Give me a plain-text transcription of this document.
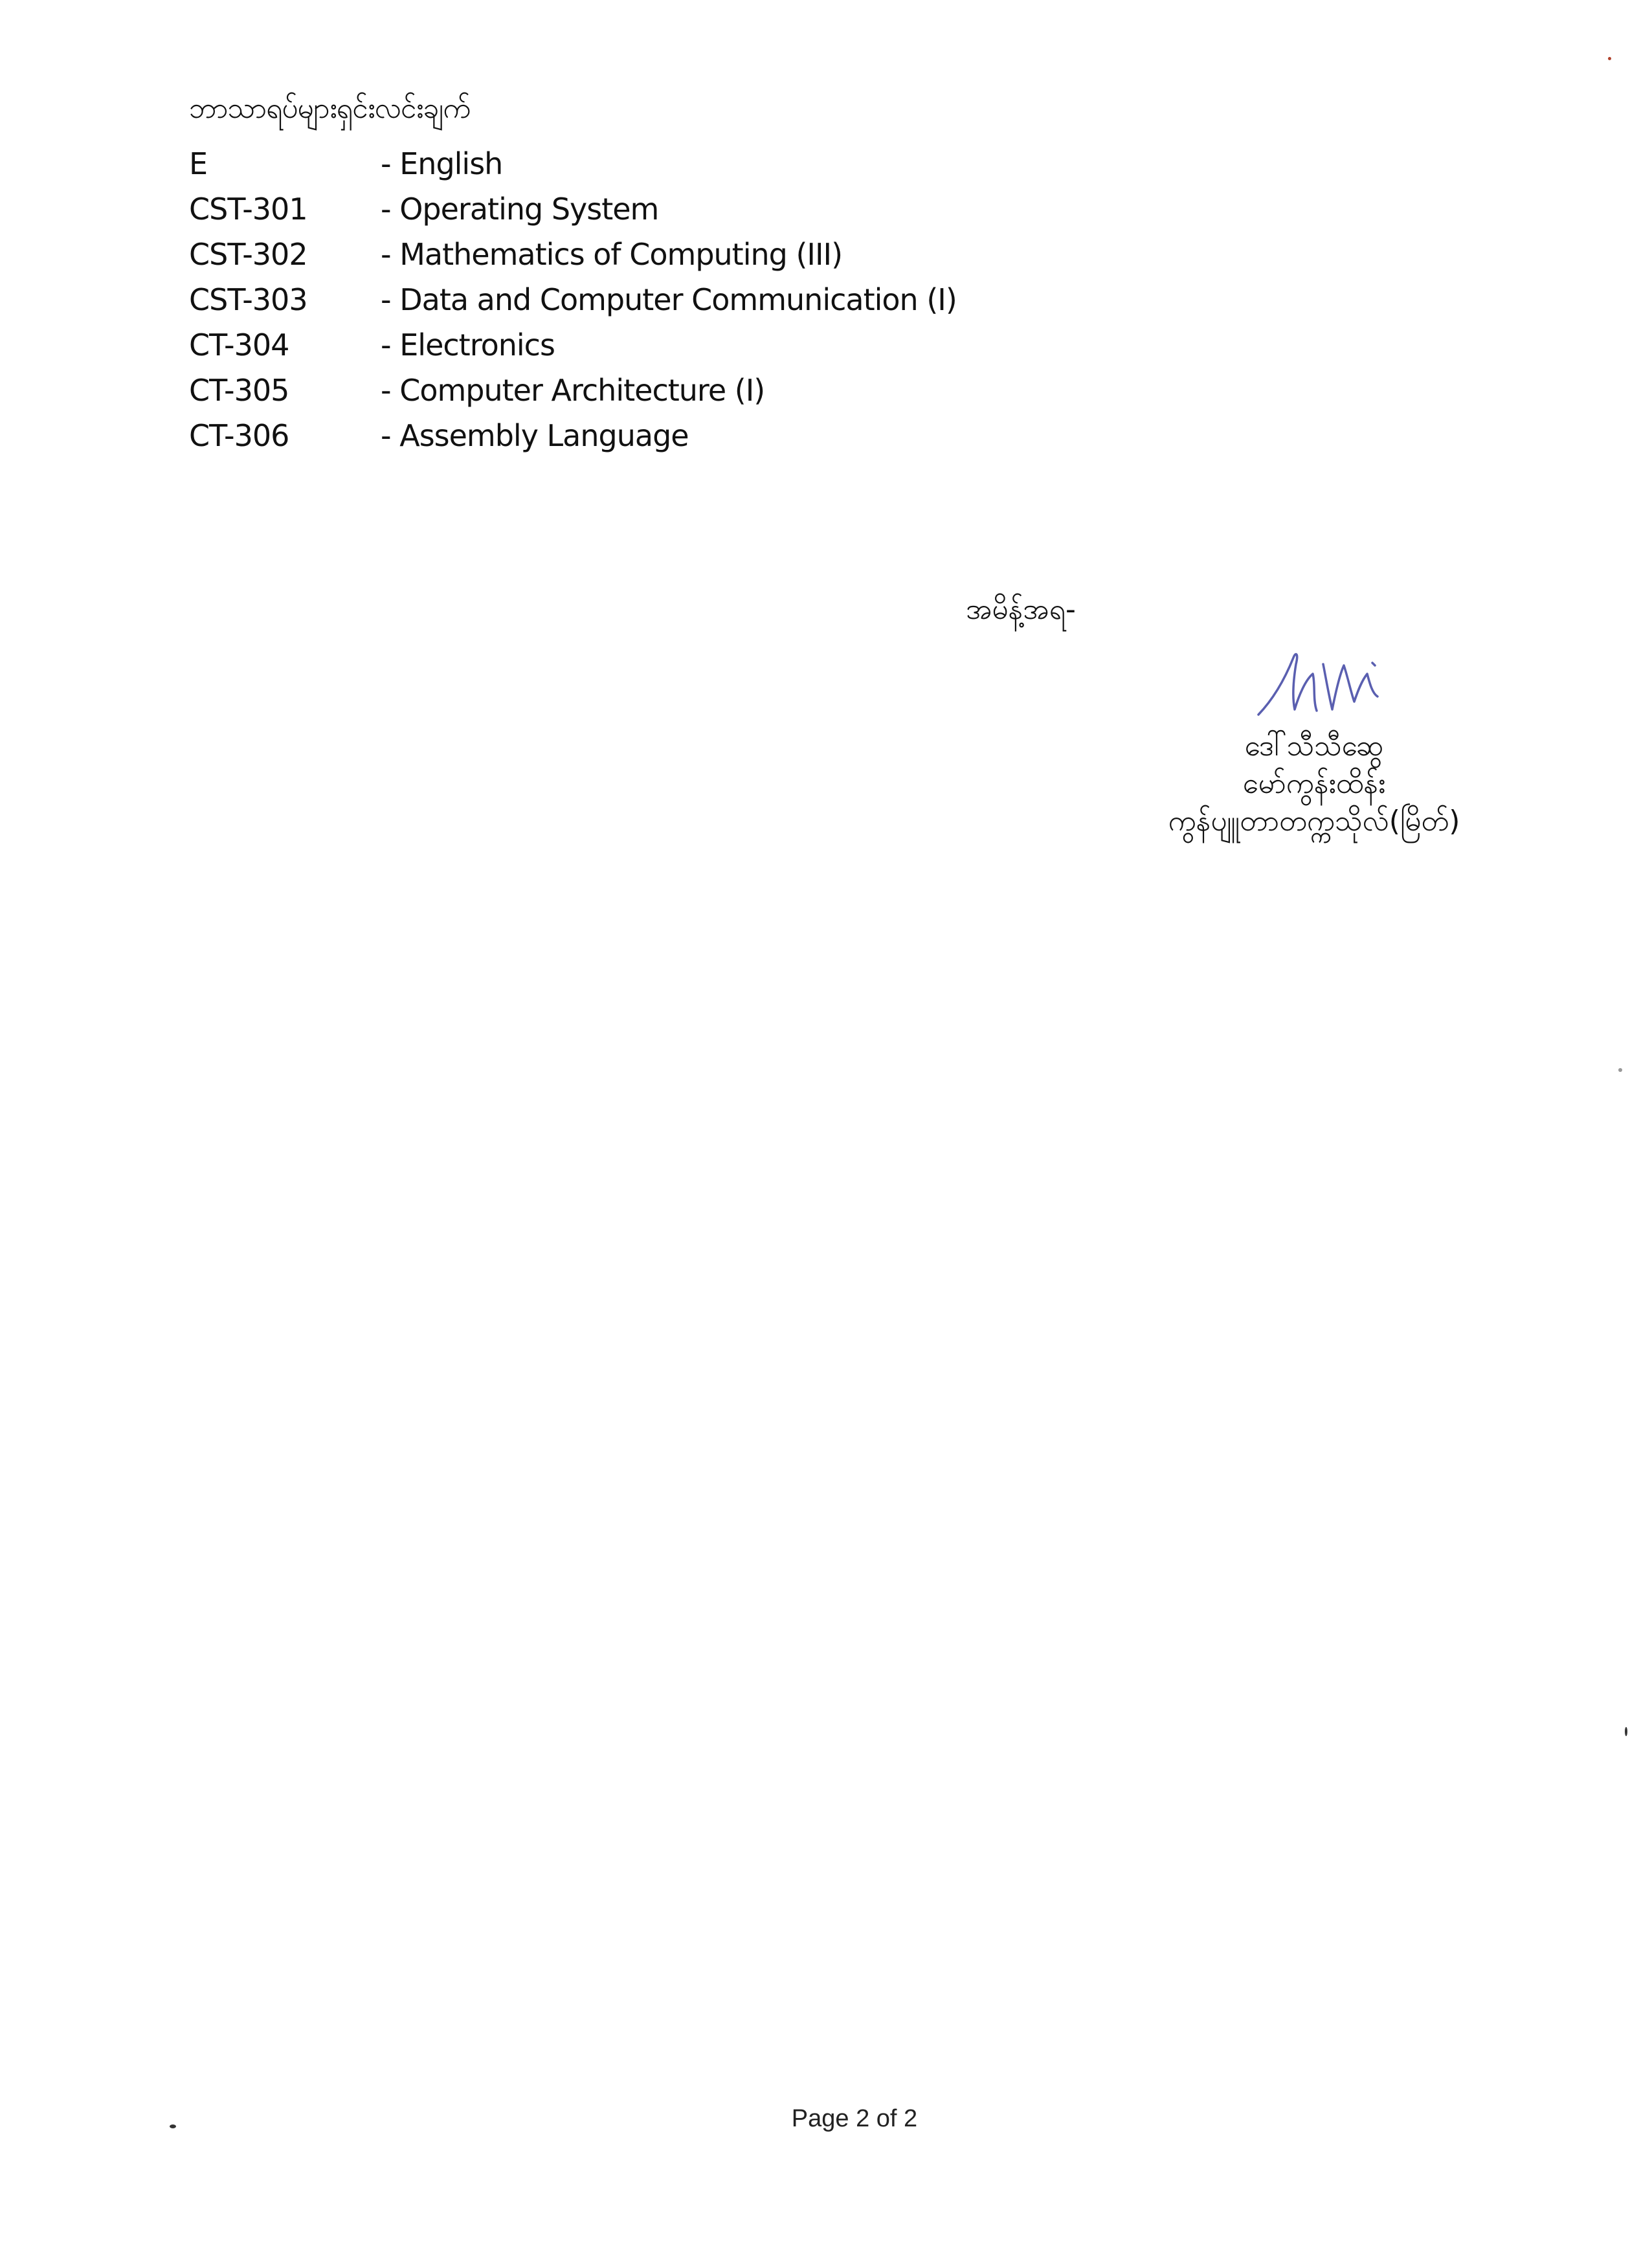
ဘာသာရပ်များရှင်းလင်းချက်
E	- English
CST-301	- Operating System
CST-302	- Mathematics of Computing (III)
CST-303	- Data and Computer Communication (I)
CT-304	- Electronics
CT-305	- Computer Architecture (I)
CT-306	- Assembly Language
အမိန့်အရ-
ဒေါ်သီသီဆွေ
မော်ကွန်းထိန်း
ကွန်ပျူတာတက္ကသိုလ်(မြိတ်)
Page 2 of 2
